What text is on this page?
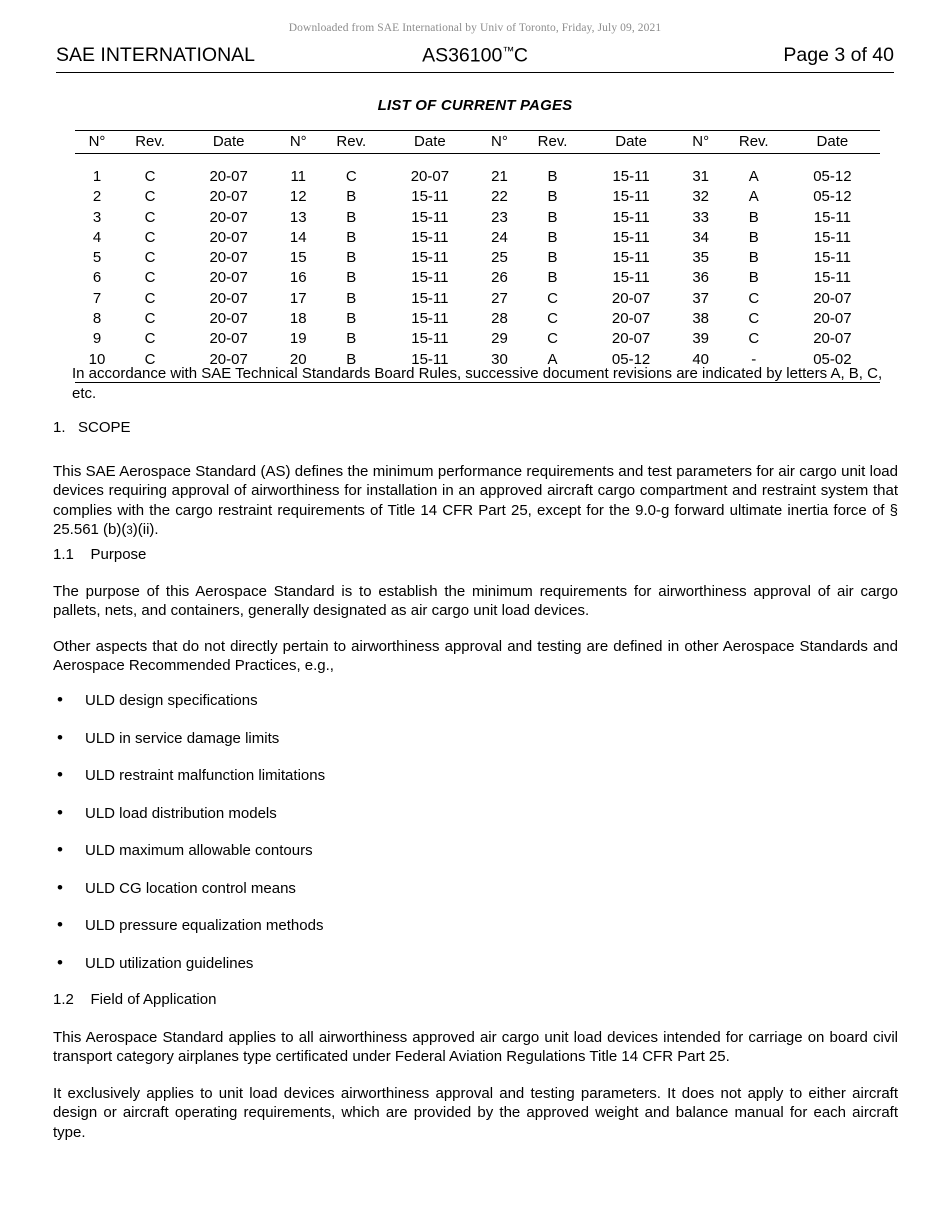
Downloaded from SAE International by Univ of Toronto, Friday, July 09, 2021
SAE INTERNATIONAL	AS36100™C	Page 3 of 40
LIST OF CURRENT PAGES
N°	Rev.	Date	N°	Rev.	Date	N°	Rev.	Date	N°	Rev.	Date
1	C	20-07	11	C	20-07	21	B	15-11	31	A	05-12
2	C	20-07	12	B	15-11	22	B	15-11	32	A	05-12
3	C	20-07	13	B	15-11	23	B	15-11	33	B	15-11
4	C	20-07	14	B	15-11	24	B	15-11	34	B	15-11
5	C	20-07	15	B	15-11	25	B	15-11	35	B	15-11
6	C	20-07	16	B	15-11	26	B	15-11	36	B	15-11
7	C	20-07	17	B	15-11	27	C	20-07	37	C	20-07
8	C	20-07	18	B	15-11	28	C	20-07	38	C	20-07
9	C	20-07	19	B	15-11	29	C	20-07	39	C	20-07
10	C	20-07	20	B	15-11	30	A	05-12	40	-	05-02
In accordance with SAE Technical Standards Board Rules, successive document revisions are indicated by letters A, B, C, etc.
1.   SCOPE
This SAE Aerospace Standard (AS) defines the minimum performance requirements and test parameters for air cargo unit load devices requiring approval of airworthiness for installation in an approved aircraft cargo compartment and restraint system that complies with the cargo restraint requirements of Title 14 CFR Part 25, except for the 9.0-g forward ultimate inertia force of § 25.561 (b)(3)(ii).
1.1    Purpose
The purpose of this Aerospace Standard is to establish the minimum requirements for airworthiness approval of air cargo pallets, nets, and containers, generally designated as air cargo unit load devices.
Other aspects that do not directly pertain to airworthiness approval and testing are defined in other Aerospace Standards and Aerospace Recommended Practices, e.g.,
• ULD design specifications
• ULD in service damage limits
• ULD restraint malfunction limitations
• ULD load distribution models
• ULD maximum allowable contours
• ULD CG location control means
• ULD pressure equalization methods
• ULD utilization guidelines
1.2    Field of Application
This Aerospace Standard applies to all airworthiness approved air cargo unit load devices intended for carriage on board civil transport category airplanes type certificated under Federal Aviation Regulations Title 14 CFR Part 25.
It exclusively applies to unit load devices airworthiness approval and testing parameters. It does not apply to either aircraft design or aircraft operating requirements, which are provided by the approved weight and balance manual for each aircraft type.
